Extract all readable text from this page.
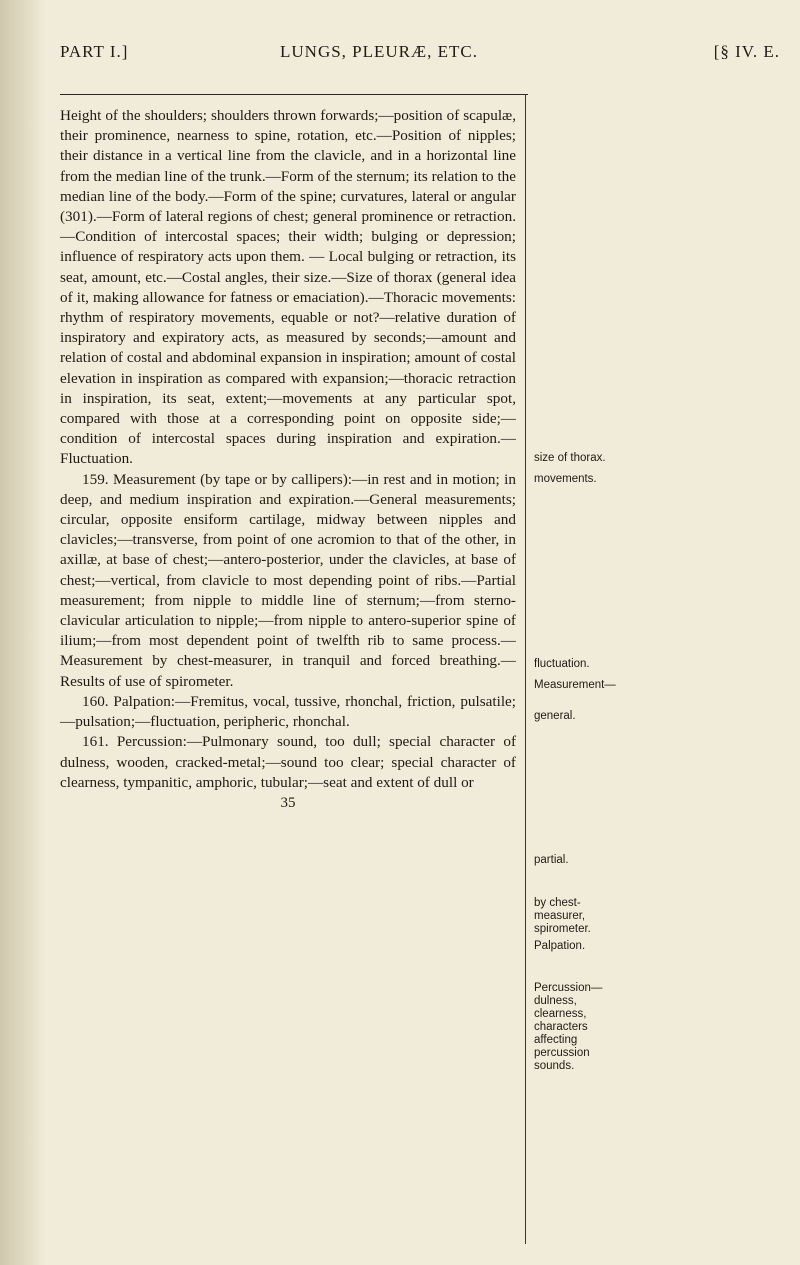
PART I.]	LUNGS, PLEURÆ, ETC.	[§ IV. E.

Height of the shoulders; shoulders thrown forwards;—position of scapulæ, their prominence, nearness to spine, rotation, etc.—Position of nipples; their distance in a vertical line from the clavicle, and in a horizontal line from the median line of the trunk.—Form of the sternum; its relation to the median line of the body.—Form of the spine; curvatures, lateral or angular (301).—Form of lateral regions of chest; general prominence or retraction.—Condition of intercostal spaces; their width; bulging or depression; influence of respiratory acts upon them. — Local bulging or retraction, its seat, amount, etc.—Costal angles, their size.—Size of thorax (general idea of it, making allowance for fatness or emaciation).—Thoracic movements: rhythm of respiratory movements, equable or not?—relative duration of inspiratory and expiratory acts, as measured by seconds;—amount and relation of costal and abdominal expansion in inspiration; amount of costal elevation in inspiration as compared with expansion;—thoracic retraction in inspiration, its seat, extent;—movements at any particular spot, compared with those at a corresponding point on opposite side;—condition of intercostal spaces during inspiration and expiration.—Fluctuation.

159. Measurement (by tape or by callipers):—in rest and in motion; in deep, and medium inspiration and expiration.—General measurements; circular, opposite ensiform cartilage, midway between nipples and clavicles;—transverse, from point of one acromion to that of the other, in axillæ, at base of chest;—antero-posterior, under the clavicles, at base of chest;—vertical, from clavicle to most depending point of ribs.—Partial measurement; from nipple to middle line of sternum;—from sterno-clavicular articulation to nipple;—from nipple to antero-superior spine of ilium;—from most dependent point of twelfth rib to same process.—Measurement by chest-measurer, in tranquil and forced breathing.—Results of use of spirometer.

160. Palpation:—Fremitus, vocal, tussive, rhonchal, friction, pulsatile;—pulsation;—fluctuation, peripheric, rhonchal.

161. Percussion:—Pulmonary sound, too dull; special character of dulness, wooden, cracked-metal;—sound too clear; special character of clearness, tympanitic, amphoric, tubular;—seat and extent of dull or

35
size of thorax.
movements.
fluctuation.
Measurement—
general.
partial.
by chest-measurer, spirometer.
Palpation.
Percussion—dulness, clearness, characters affecting percussion sounds.
